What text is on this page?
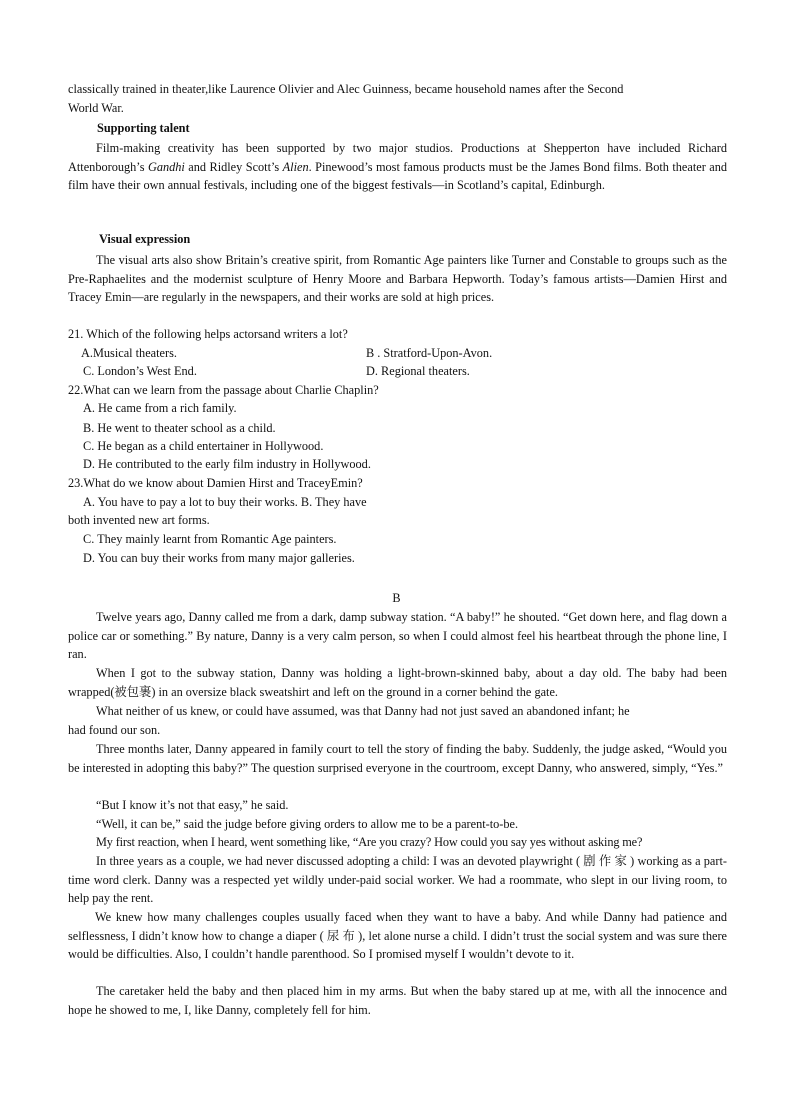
classically trained in theater,like Laurence Olivier and Alec Guinness, became household names after the Second

World War.

Supporting talent

Film-making creativity has been supported by two major studios. Productions at Shepperton have included Richard Attenborough’s Gandhi and Ridley Scott’s Alien. Pinewood’s most famous products must be the James Bond films. Both theater and film have their own annual festivals, including one of the biggest festivals—in Scotland’s capital, Edinburgh.

Visual expression

The visual arts also show Britain’s creative spirit, from Romantic Age painters like Turner and Constable to groups such as the Pre-Raphaelites and the modernist sculpture of Henry Moore and Barbara Hepworth. Today’s famous artists—Damien Hirst and Tracey Emin—are regularly in the newspapers, and their works are sold at high prices.

21. Which of the following helps actorsand writers a lot?

A.Musical theaters.	B . Stratford-Upon-Avon.

C. London’s West End.	D. Regional theaters.

22.What can we learn from the passage about Charlie Chaplin?

A. He came from a rich family.

B. He went to theater school as a child.

C. He began as a child entertainer in Hollywood.

D. He contributed to the early film industry in Hollywood.

23.What do we know about Damien Hirst and TraceyEmin?

A. You have to pay a lot to buy their works. B. They have

both invented new art forms.

C. They mainly learnt from Romantic Age painters.

D. You can buy their works from many major galleries.

B

Twelve years ago, Danny called me from a dark, damp subway station. “A baby!” he shouted. “Get down here, and flag down a police car or something.” By nature, Danny is a very calm person, so when I could almost feel his heartbeat through the phone line, I ran.

When I got to the subway station, Danny was holding a light-brown-skinned baby, about a day old. The baby had been wrapped(被包裹) in an oversize black sweatshirt and left on the ground in a corner behind the gate.

What neither of us knew, or could have assumed, was that Danny had not just saved an abandoned infant; he

had found our son.

Three months later, Danny appeared in family court to tell the story of finding the baby. Suddenly, the judge asked, “Would you be interested in adopting this baby?” The question surprised everyone in the courtroom, except Danny, who answered, simply, “Yes.”

“But I know it’s not that easy,” he said.

“Well, it can be,” said the judge before giving orders to allow me to be a parent-to-be.

My first reaction, when I heard, went something like, “Are you crazy? How could you say yes without asking me?

In three years as a couple, we had never discussed adopting a child: I was an devoted playwright ( 剧 作 家 ) working as a part-time word clerk. Danny was a respected yet wildly under-paid social worker. We had a roommate, who slept in our living room, to help pay the rent.

We knew how many challenges couples usually faced when they want to have a baby. And while Danny had patience and selflessness, I didn’t know how to change a diaper ( 尿 布 ), let alone nurse a child. I didn’t trust the social system and was sure there would be difficulties. Also, I couldn’t handle parenthood. So I promised myself I wouldn’t devote to it.

The caretaker held the baby and then placed him in my arms. But when the baby stared up at me, with all the innocence and hope he showed to me, I, like Danny, completely fell for him.
